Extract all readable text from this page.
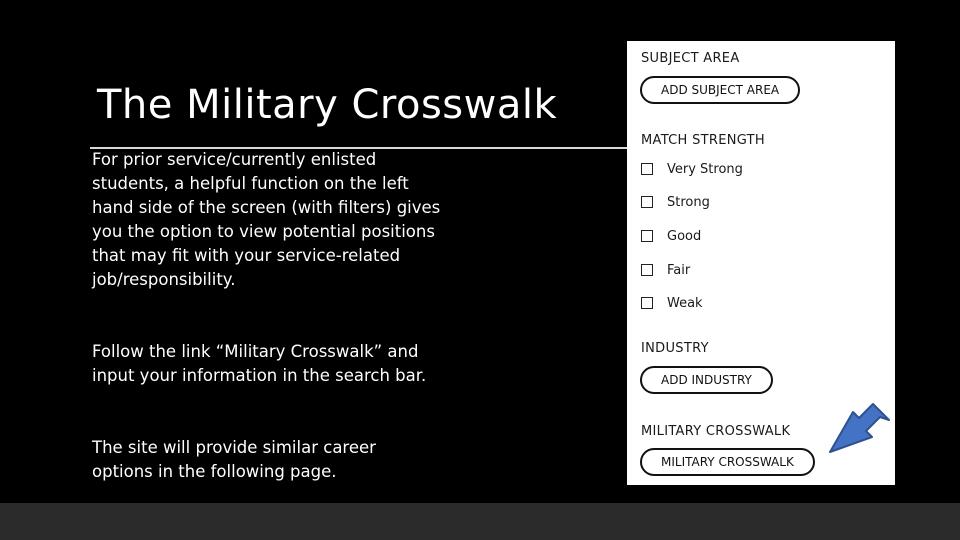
The Military Crosswalk

For prior service/currently enlisted students, a helpful function on the left hand side of the screen (with filters) gives you the option to view potential positions that may fit with your service-related job/responsibility.

Follow the link “Military Crosswalk” and input your information in the search bar.

The site will provide similar career options in the following page.

SUBJECT AREA
ADD SUBJECT AREA
MATCH STRENGTH
Very Strong
Strong
Good
Fair
Weak
INDUSTRY
ADD INDUSTRY
MILITARY CROSSWALK
MILITARY CROSSWALK
